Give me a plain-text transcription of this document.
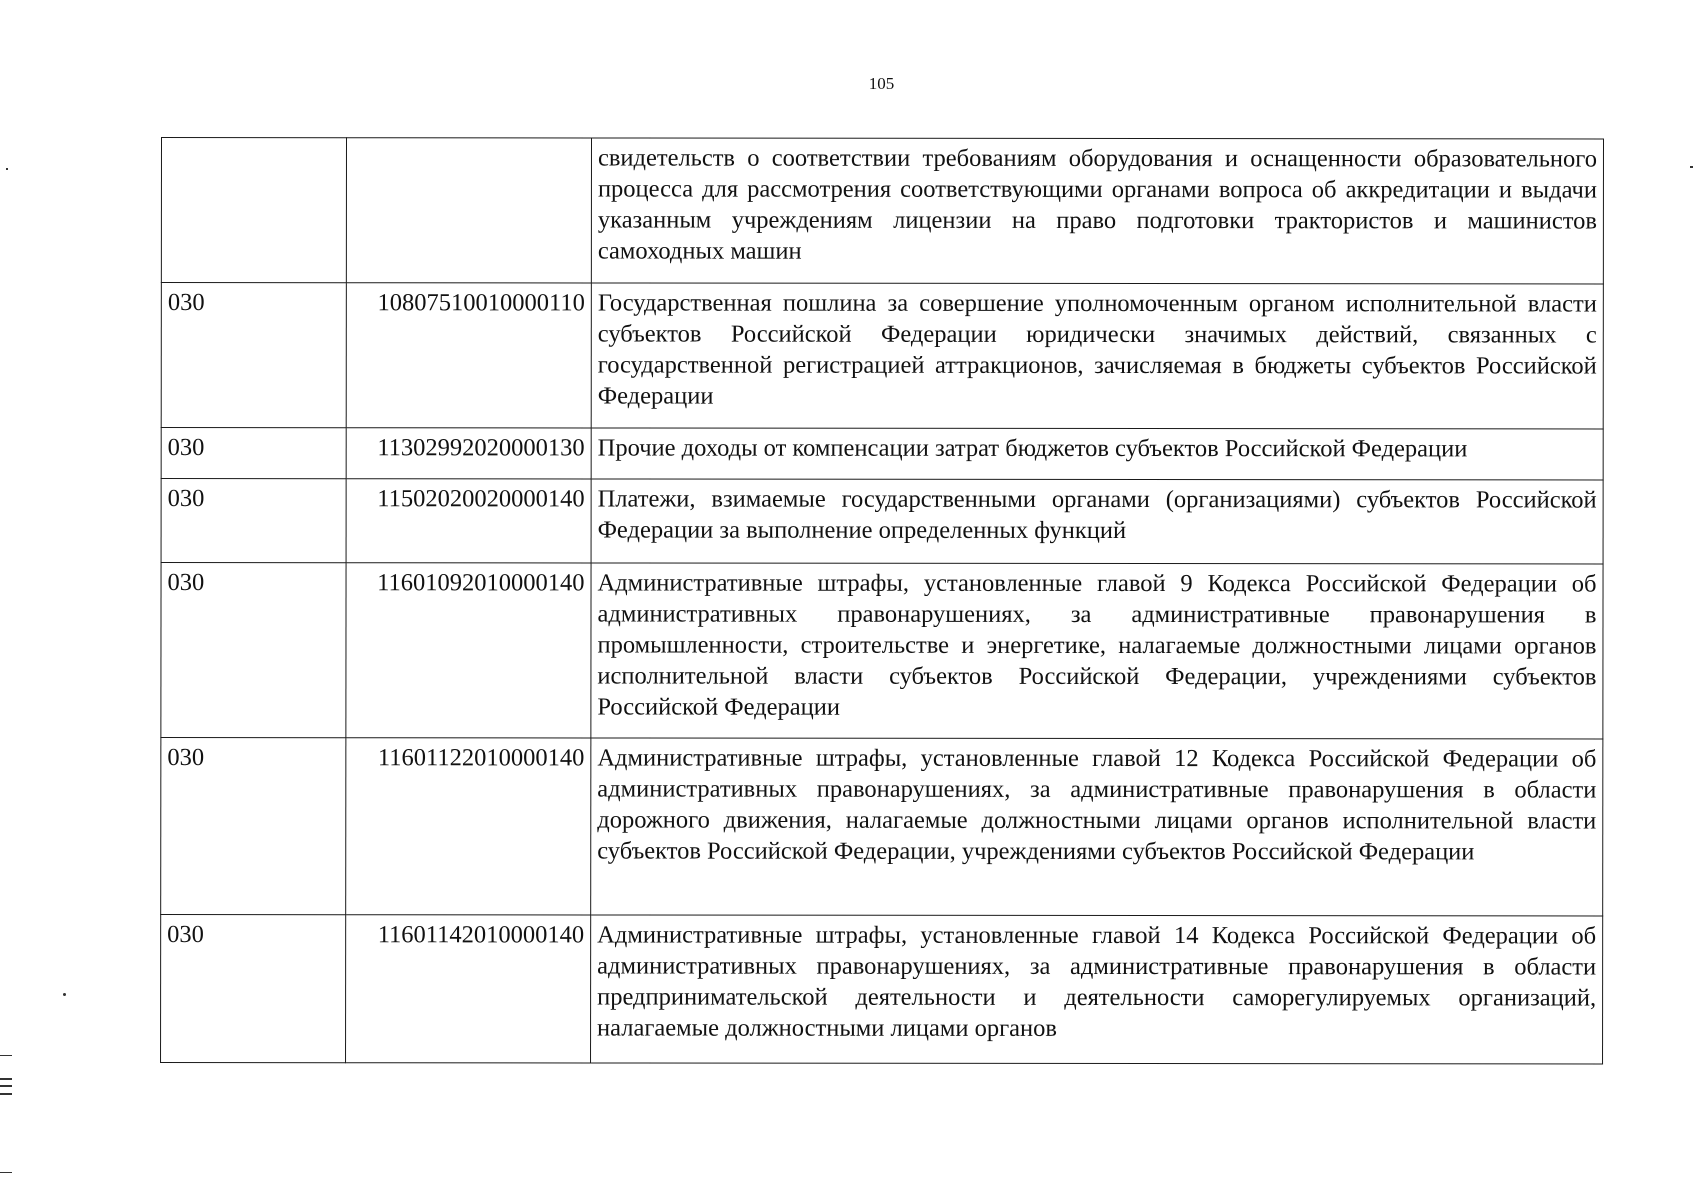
105
		свидетельств о соответствии требованиям оборудования и оснащенности образовательного процесса для рассмотрения соответствующими органами вопроса об аккредитации и выдачи указанным учреждениям лицензии на право подготовки трактористов и машинистов самоходных машин
030	10807510010000110	Государственная пошлина за совершение уполномоченным органом исполнительной власти субъектов Российской Федерации юридически значимых действий, связанных с государственной регистрацией аттракционов, зачисляемая в бюджеты субъектов Российской Федерации
030	11302992020000130	Прочие доходы от компенсации затрат бюджетов субъектов Российской Федерации
030	11502020020000140	Платежи, взимаемые государственными органами (организациями) субъектов Российской Федерации за выполнение определенных функций
030	11601092010000140	Административные штрафы, установленные главой 9 Кодекса Российской Федерации об административных правонарушениях, за административные правонарушения в промышленности, строительстве и энергетике, налагаемые должностными лицами органов исполнительной власти субъектов Российской Федерации, учреждениями субъектов Российской Федерации
030	11601122010000140	Административные штрафы, установленные главой 12 Кодекса Российской Федерации об административных правонарушениях, за административные правонарушения в области дорожного движения, налагаемые должностными лицами органов исполнительной власти субъектов Российской Федерации, учреждениями субъектов Российской Федерации
030	11601142010000140	Административные штрафы, установленные главой 14 Кодекса Российской Федерации об административных правонарушениях, за административные правонарушения в области предпринимательской деятельности и деятельности саморегулируемых организаций, налагаемые должностными лицами органов
